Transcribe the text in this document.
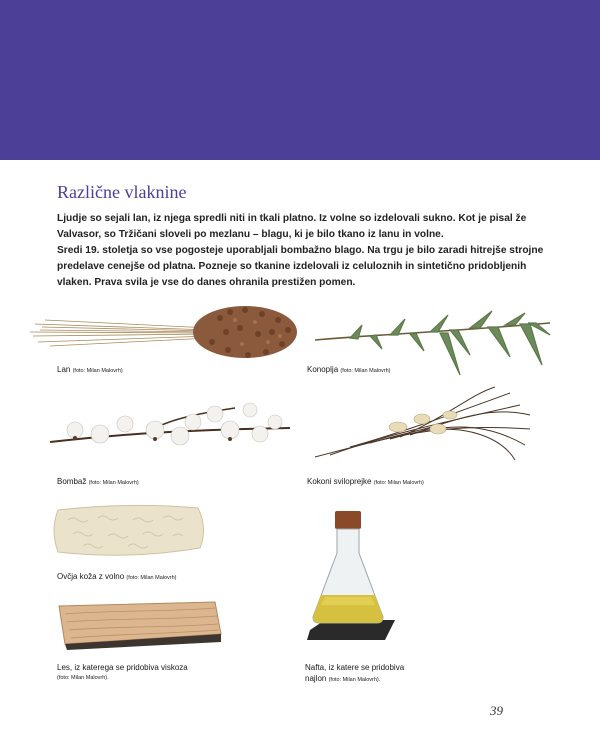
Različne vlaknine

Ljudje so sejali lan, iz njega spredli niti in tkali platno. Iz volne so izdelovali sukno. Kot je pisal že Valvasor, so Tržičani sloveli po mezlanu – blagu, ki je bilo tkano iz lanu in volne.

Sredi 19. stoletja so vse pogosteje uporabljali bombažno blago. Na trgu je bilo zaradi hitrejše strojne predelave cenejše od platna. Pozneje so tkanine izdelovali iz celuloznih in sintetično pridobljenih vlaken. Prava svila je vse do danes ohranila prestižen pomen.

Lan (foto: Milan Malovrh)	Konoplja (foto: Milan Malovrh)
Bombaž (foto: Milan Malovrh)	Kokoni sviloprejke (foto: Milan Malovrh)
Ovčja koža z volno (foto: Milan Malovrh)
Les, iz katerega se pridobiva viskoza
(foto: Milan Malovrh).
Nafta, iz katere se pridobiva
najlon (foto: Milan Malovrh).
39
